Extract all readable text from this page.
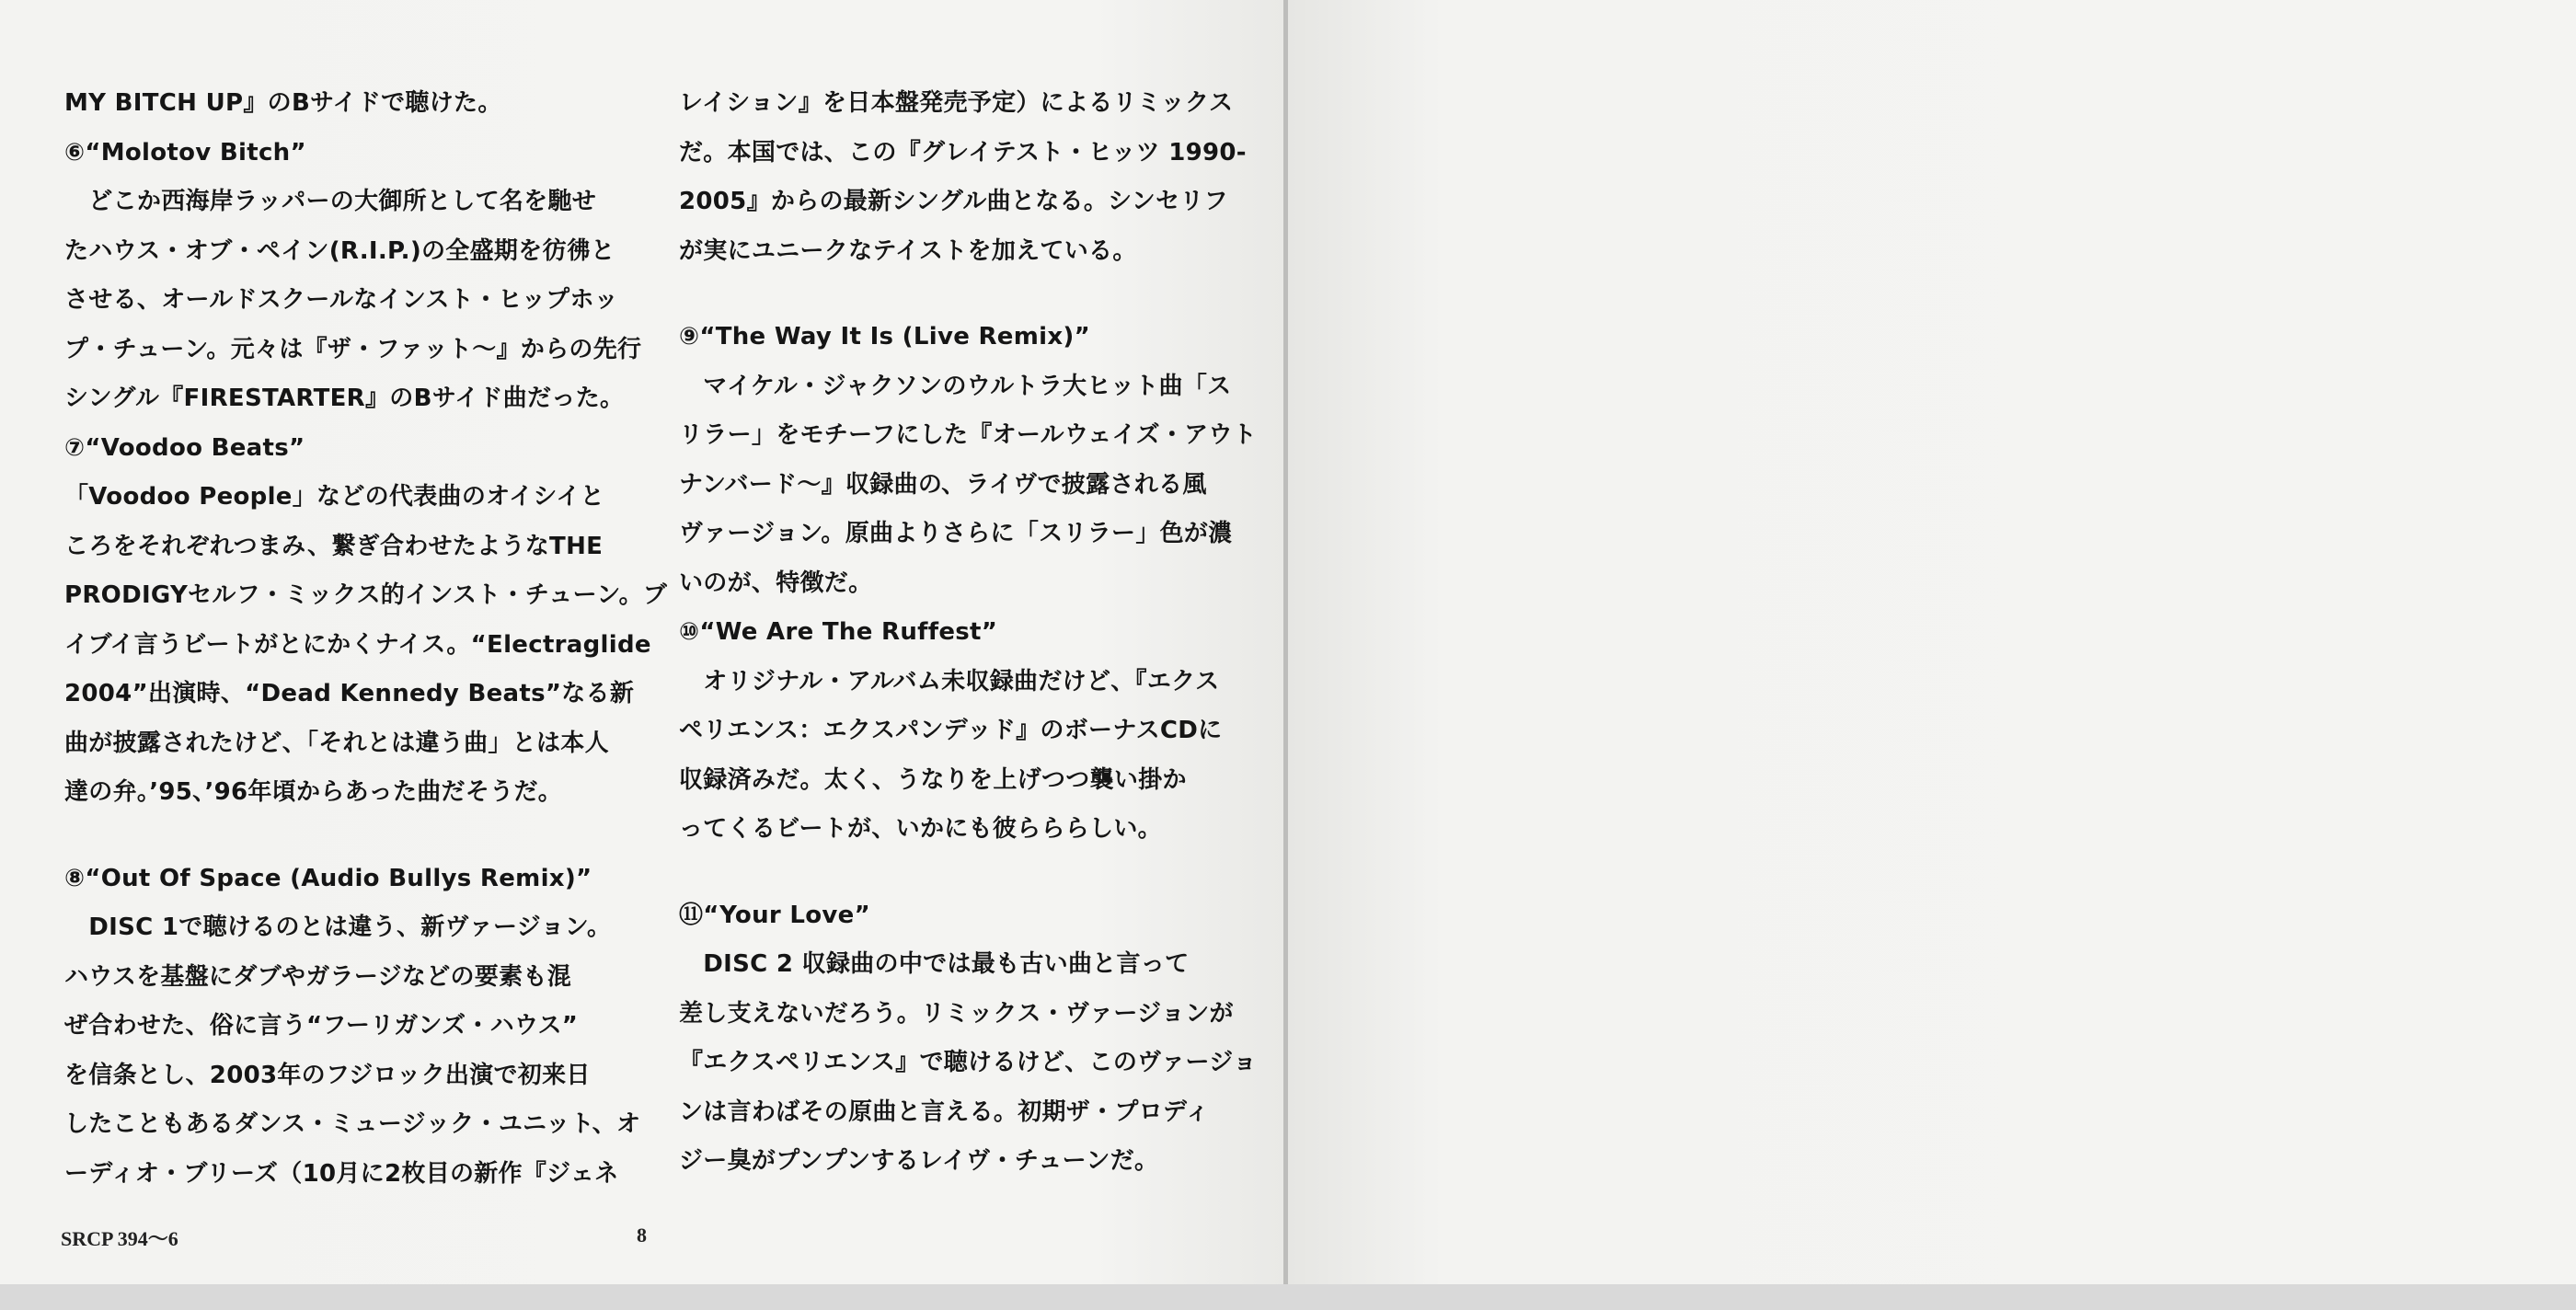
MY BITCH UP』のBサイドで聴けた。

⑥“Molotov Bitch”

　どこか西海岸ラッパーの大御所として名を馳せ
たハウス・オブ・ペイン(R.I.P.)の全盛期を彷彿と
させる、オールドスクールなインスト・ヒップホッ
プ・チューン。元々は『ザ・ファット〜』からの先行
シングル『FIRESTARTER』のBサイド曲だった。

⑦“Voodoo Beats”

「Voodoo People」などの代表曲のオイシイと
ころをそれぞれつまみ、繋ぎ合わせたようなTHE
PRODIGYセルフ・ミックス的インスト・チューン。ブ
イブイ言うビートがとにかくナイス。“Electraglide
2004”出演時、“Dead Kennedy Beats”なる新
曲が披露されたけど、「それとは違う曲」とは本人
達の弁。’95、’96年頃からあった曲だそうだ。

⑧“Out Of Space (Audio Bullys Remix)”

　DISC 1で聴けるのとは違う、新ヴァージョン。
ハウスを基盤にダブやガラージなどの要素も混
ぜ合わせた、俗に言う“フーリガンズ・ハウス”
を信条とし、2003年のフジロック出演で初来日
したこともあるダンス・ミュージック・ユニット、オ
ーディオ・ブリーズ（10月に2枚目の新作『ジェネ

レイション』を日本盤発売予定）によるリミックス
だ。本国では、この『グレイテスト・ヒッツ 1990-
2005』からの最新シングル曲となる。シンセリフ
が実にユニークなテイストを加えている。

⑨“The Way It Is (Live Remix)”

　マイケル・ジャクソンのウルトラ大ヒット曲「ス
リラー」をモチーフにした『オールウェイズ・アウト
ナンバード〜』収録曲の、ライヴで披露される風
ヴァージョン。原曲よりさらに「スリラー」色が濃
いのが、特徴だ。

⑩“We Are The Ruffest”

　オリジナル・アルバム未収録曲だけど、『エクス
ペリエンス：エクスパンデッド』のボーナスCDに
収録済みだ。太く、うなりを上げつつ襲い掛か
ってくるビートが、いかにも彼らららしい。

⑪“Your Love”

　DISC 2 収録曲の中では最も古い曲と言って
差し支えないだろう。リミックス・ヴァージョンが
『エクスペリエンス』で聴けるけど、このヴァージョ
ンは言わばその原曲と言える。初期ザ・プロディ
ジー臭がプンプンするレイヴ・チューンだ。

SRCP 394〜6	8
